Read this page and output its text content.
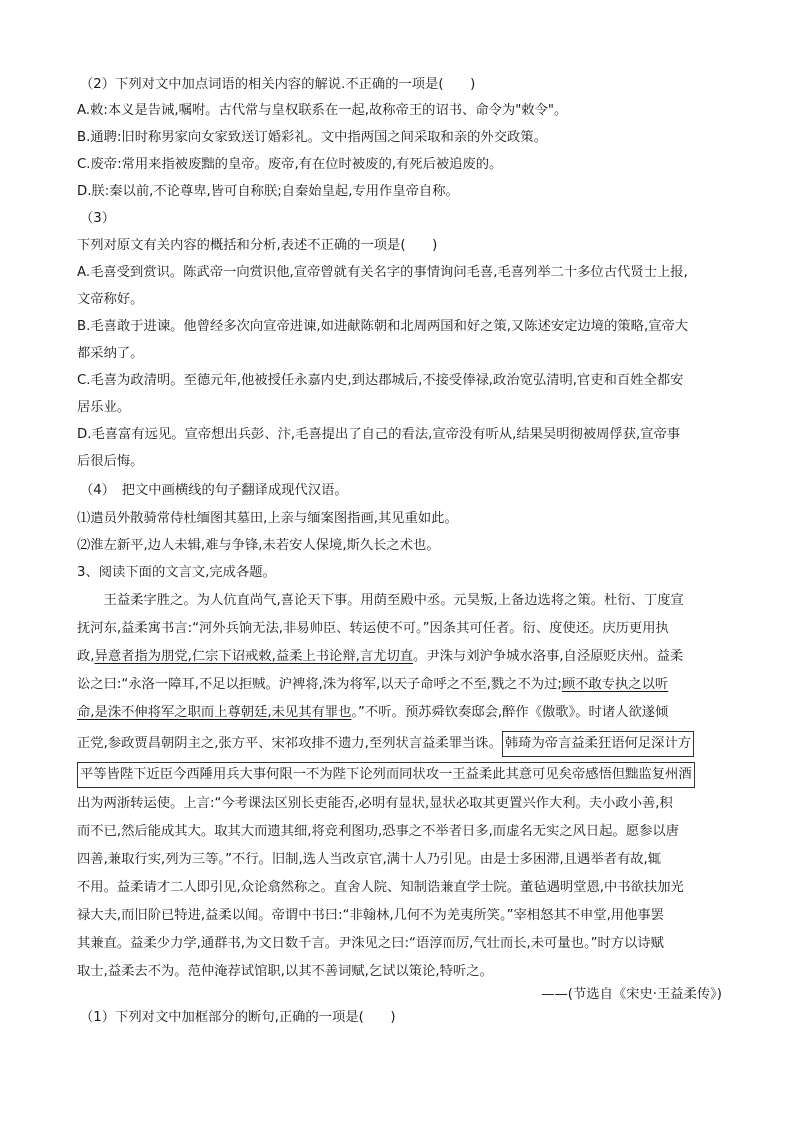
（2）下列对文中加点词语的相关内容的解说.不正确的一项是(　　)
A.敕:本义是告诫,嘱咐。古代常与皇权联系在一起,故称帝王的诏书、命令为"敕令"。
B.通聘:旧时称男家向女家致送订婚彩礼。文中指两国之间采取和亲的外交政策。
C.废帝:常用来指被废黜的皇帝。废帝,有在位时被废的,有死后被追废的。
D.朕:秦以前,不论尊卑,皆可自称朕;自秦始皇起,专用作皇帝自称。
（3）
下列对原文有关内容的概括和分析,表述不正确的一项是(　　)
A.毛喜受到赏识。陈武帝一向赏识他,宣帝曾就有关名字的事情询问毛喜,毛喜列举二十多位古代贤士上报,
文帝称好。
B.毛喜敢于进谏。他曾经多次向宣帝进谏,如进献陈朝和北周两国和好之策,又陈述安定边境的策略,宣帝大
都采纳了。
C.毛喜为政清明。至德元年,他被授任永嘉内史,到达郡城后,不接受俸禄,政治宽弘清明,官吏和百姓全都安
居乐业。
D.毛喜富有远见。宣帝想出兵彭、汴,毛喜提出了自己的看法,宣帝没有听从,结果吴明彻被周俘获,宣帝事
后很后悔。
（4）　把文中画横线的句子翻译成现代汉语。
⑴遣员外散骑常侍杜缅图其墓田,上亲与缅案图指画,其见重如此。
⑵淮左新平,边人未辑,难与争锋,未若安人保境,斯久长之术也。
3、阅读下面的文言文,完成各题。
　　王益柔字胜之。为人伉直尚气,喜论天下事。用荫至殿中丞。元昊叛,上备边选将之策。杜衍、丁度宣
抚河东,益柔寓书言:“河外兵饷无法,非易帅臣、转运使不可。”因条其可任者。衍、度使还。庆历更用执
政,异意者指为朋党,仁宗下诏戒敕,益柔上书论辩,言尤切直。尹洙与刘沪争城水洛事,自泾原贬庆州。益柔
讼之曰:“永洛一障耳,不足以拒贼。沪裨将,洙为将军,以天子命呼之不至,戮之不为过;顾不敢专执之以听
命,是洙不伸将军之职而上尊朝廷,未见其有罪也。”不听。预苏舜钦奏邸会,醉作《傲歌》。时诸人欲遂倾
正党,参政贾昌朝阴主之,张方平、宋祁攻排不遗力,至列状言益柔罪当诛。 韩琦为帝言益柔狂语何足深计方
平等皆陛下近臣今西陲用兵大事何限一不为陛下论列而同状攻一王益柔此其意可见矣帝感悟但黜监复州酒
出为两浙转运使。上言:“今考课法区别长吏能否,必明有显状,显状必取其更置兴作大利。夫小政小善,积
而不已,然后能成其大。取其大而遗其细,将竞利图功,恐事之不举者日多,而虚名无实之风日起。愿参以唐
四善,兼取行实,列为三等。”不行。旧制,选人当改京官,满十人乃引见。由是士多困滞,且遇举者有故,辄
不用。益柔请才二人即引见,众论翕然称之。直舍人院、知制诰兼直学士院。董毡遇明堂恩,中书欲扶加光
禄大夫,而旧阶已特进,益柔以闻。帝谓中书曰:“非翰林,几何不为羌夷所笑。”宰相怒其不申堂,用他事罢
其兼直。益柔少力学,通群书,为文日数千言。尹洙见之曰:“语淳而厉,气壮而长,未可量也。”时方以诗赋
取士,益柔去不为。范仲淹荐试馆职,以其不善词赋,乞试以策论,特听之。
——(节选自《宋史·王益柔传》)
（1）下列对文中加框部分的断句,正确的一项是(　　)
